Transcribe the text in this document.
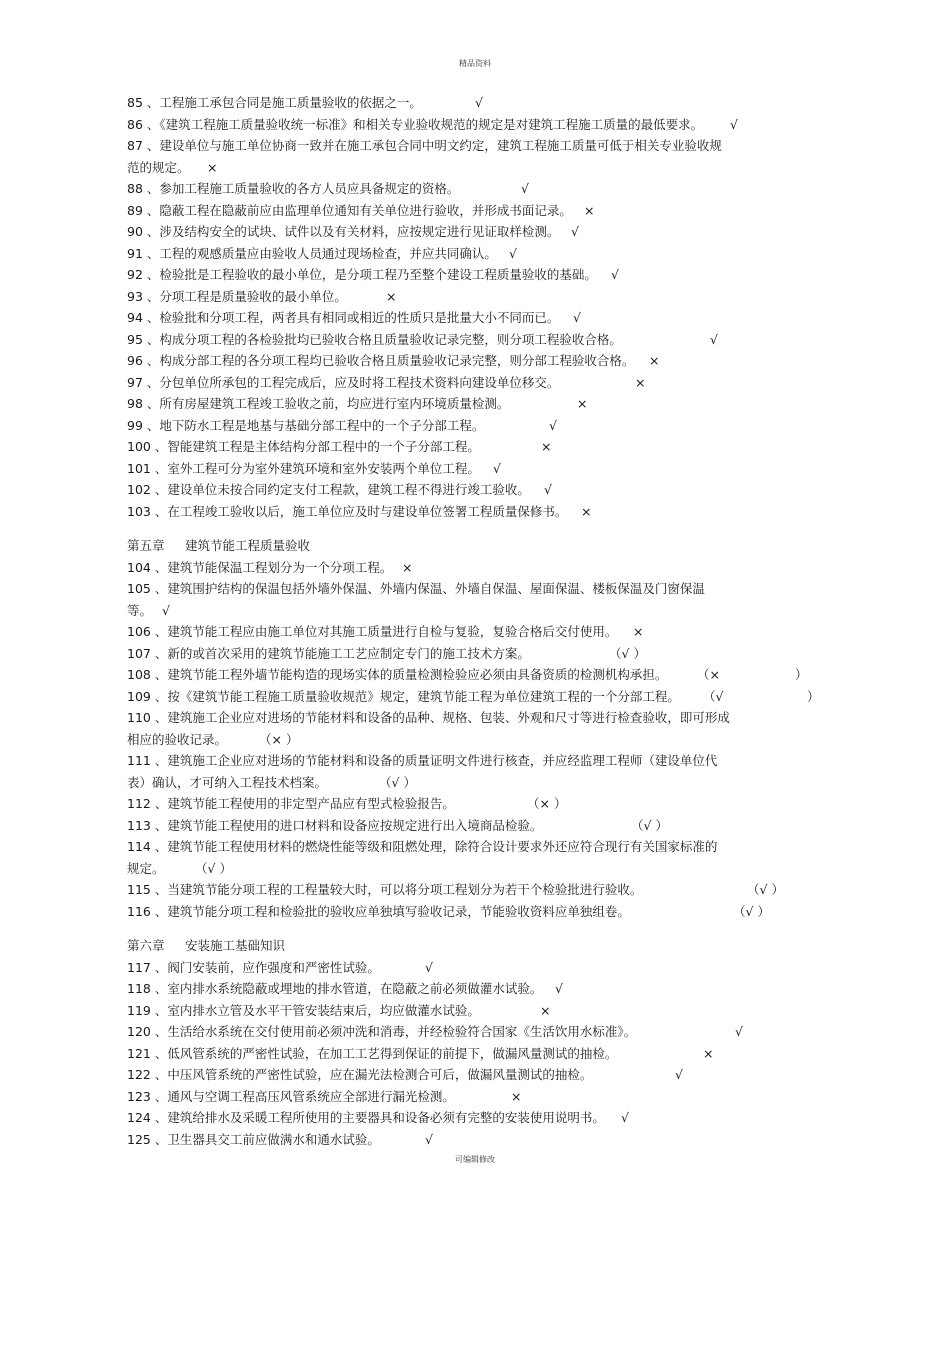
精品资料
85 、工程施工承包合同是施工质量验收的依据之一。	√
86 、《建筑工程施工质量验收统一标准》和相关专业验收规范的规定是对建筑工程施工质量的最低要求。 √
87 、建设单位与施工单位协商一致并在施工承包合同中明文约定，建筑工程施工质量可低于相关专业验收规
范的规定。 ×
88 、参加工程施工质量验收的各方人员应具备规定的资格。	√
89 、隐蔽工程在隐蔽前应由监理单位通知有关单位进行验收，并形成书面记录。 ×
90 、涉及结构安全的试块、试件以及有关材料，应按规定进行见证取样检测。 √
91 、工程的观感质量应由验收人员通过现场检查，并应共同确认。 √
92 、检验批是工程验收的最小单位，是分项工程乃至整个建设工程质量验收的基础。 √
93 、分项工程是质量验收的最小单位。	×
94 、检验批和分项工程，两者具有相同或相近的性质只是批量大小不同而已。 √
95 、构成分项工程的各检验批均已验收合格且质量验收记录完整，则分项工程验收合格。	√
96 、构成分部工程的各分项工程均已验收合格且质量验收记录完整，则分部工程验收合格。 ×
97 、分包单位所承包的工程完成后，应及时将工程技术资料向建设单位移交。	×
98 、所有房屋建筑工程竣工验收之前，均应进行室内环境质量检测。	×
99 、地下防水工程是地基与基础分部工程中的一个子分部工程。	√
100 、智能建筑工程是主体结构分部工程中的一个子分部工程。	×
101 、室外工程可分为室外建筑环境和室外安装两个单位工程。 √
102 、建设单位未按合同约定支付工程款，建筑工程不得进行竣工验收。 √
103 、在工程竣工验收以后，施工单位应及时与建设单位签署工程质量保修书。 ×
第五章 建筑节能工程质量验收
104 、建筑节能保温工程划分为一个分项工程。 ×
105 、建筑围护结构的保温包括外墙外保温、外墙内保温、外墙自保温、屋面保温、楼板保温及门窗保温
等。 √
106 、建筑节能工程应由施工单位对其施工质量进行自检与复验，复验合格后交付使用。 ×
107 、新的或首次采用的建筑节能施工工艺应制定专门的施工技术方案。	（√ ）
108 、建筑节能工程外墙节能构造的现场实体的质量检测检验应必须由具备资质的检测机构承担。 （×	）
109 、按《建筑节能工程施工质量验收规范》规定，建筑节能工程为单位建筑工程的一个分部工程。 （√	）
110 、建筑施工企业应对进场的节能材料和设备的品种、规格、包装、外观和尺寸等进行检查验收，即可形成
相应的验收记录。	（× ）
111 、建筑施工企业应对进场的节能材料和设备的质量证明文件进行核查，并应经监理工程师（建设单位代
表）确认，才可纳入工程技术档案。	（√ ）
112 、建筑节能工程使用的非定型产品应有型式检验报告。	（× ）
113 、建筑节能工程使用的进口材料和设备应按规定进行出入境商品检验。	（√ ）
114 、建筑节能工程使用材料的燃烧性能等级和阻燃处理，除符合设计要求外还应符合现行有关国家标准的
规定。 （√ ）
115 、当建筑节能分项工程的工程量较大时，可以将分项工程划分为若干个检验批进行验收。	（√ ）
116 、建筑节能分项工程和检验批的验收应单独填写验收记录，节能验收资料应单独组卷。	（√ ）
第六章 安装施工基础知识
117 、阀门安装前，应作强度和严密性试验。	√
118 、室内排水系统隐蔽或埋地的排水管道，在隐蔽之前必须做灌水试验。 √
119 、室内排水立管及水平干管安装结束后，均应做灌水试验。	×
120 、生活给水系统在交付使用前必须冲洗和消毒，并经检验符合国家《生活饮用水标准》。	√
121 、低风管系统的严密性试验，在加工工艺得到保证的前提下，做漏风量测试的抽检。	×
122 、中压风管系统的严密性试验，应在漏光法检测合可后，做漏风量测试的抽检。	√
123 、通风与空调工程高压风管系统应全部进行漏光检测。	×
124 、建筑给排水及采暖工程所使用的主要器具和设备必须有完整的安装使用说明书。 √
125 、卫生器具交工前应做满水和通水试验。	√
可编辑修改
